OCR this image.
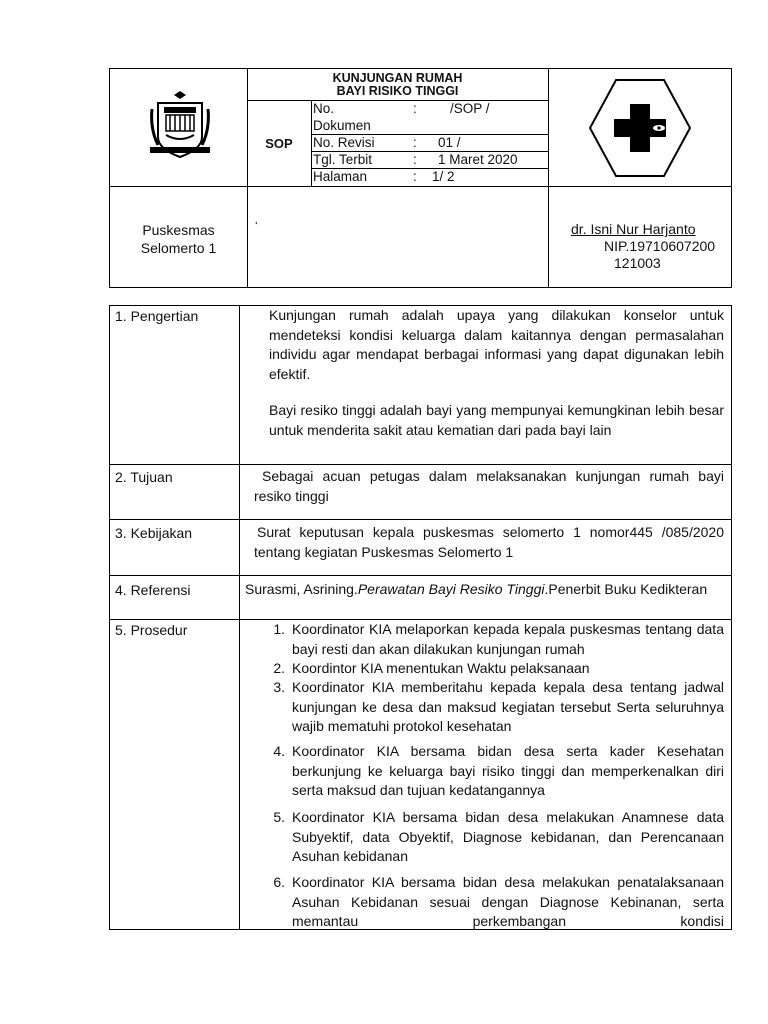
KUNJUNGAN RUMAH
BAYI RISIKO TINGGI
SOP
No.	: /SOP /
Dokumen
No. Revisi	: 01 /
Tgl. Terbit	: 1 Maret 2020
Halaman	: 1/ 2
Puskesmas
Selomerto 1
‘	dr. Isni Nur Harjanto
NIP.19710607200
121003
1. Pengertian	Kunjungan rumah adalah upaya yang dilakukan konselor untuk mendeteksi kondisi keluarga dalam kaitannya dengan permasalahan individu agar mendapat berbagai informasi yang dapat digunakan lebih efektif.
Bayi resiko tinggi adalah bayi yang mempunyai kemungkinan lebih besar untuk menderita sakit atau kematian dari pada bayi lain
2. Tujuan	Sebagai acuan petugas dalam melaksanakan kunjungan rumah bayi resiko tinggi
3. Kebijakan	Surat keputusan kepala puskesmas selomerto 1 nomor445 /085/2020 tentang kegiatan Puskesmas Selomerto 1
4. Referensi	Surasmi, Asrining.Perawatan Bayi Resiko Tinggi.Penerbit Buku Kedikteran
5. Prosedur	1. Koordinator KIA melaporkan kepada kepala puskesmas tentang data bayi resti dan akan dilakukan kunjungan rumah
2. Koordintor KIA menentukan Waktu pelaksanaan
3. Koordinator KIA memberitahu kepada kepala desa tentang jadwal kunjungan ke desa dan maksud kegiatan tersebut Serta seluruhnya wajib mematuhi protokol kesehatan
4. Koordinator KIA bersama bidan desa serta kader Kesehatan berkunjung ke keluarga bayi risiko tinggi dan memperkenalkan diri serta maksud dan tujuan kedatangannya
5. Koordinator KIA bersama bidan desa melakukan Anamnese data Subyektif, data Obyektif, Diagnose kebidanan, dan Perencanaan Asuhan kebidanan
6. Koordinator KIA bersama bidan desa melakukan penatalaksanaan Asuhan Kebidanan sesuai dengan Diagnose Kebinanan, serta memantau perkembangan kondisi
